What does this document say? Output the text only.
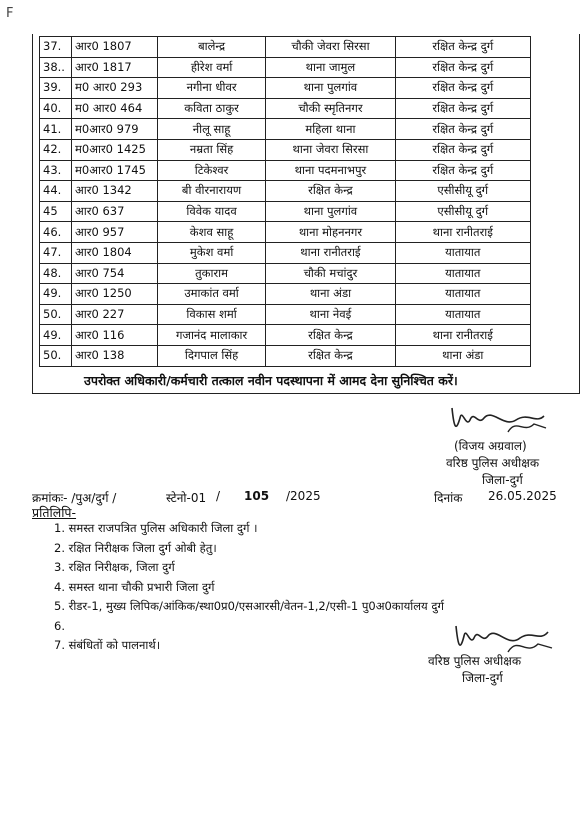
F
37.	आर0 1807	बालेन्द्र	चौकी जेवरा सिरसा	रक्षित केन्द्र दुर्ग
38..	आर0 1817	हीरेश वर्मा	थाना जामुल	रक्षित केन्द्र दुर्ग
39.	म0 आर0 293	नगीना धीवर	थाना पुलगांव	रक्षित केन्द्र दुर्ग
40.	म0 आर0 464	कविता ठाकुर	चौकी स्मृतिनगर	रक्षित केन्द्र दुर्ग
41.	म0आर0 979	नीलू साहू	महिला थाना	रक्षित केन्द्र दुर्ग
42.	म0आर0 1425	नम्रता सिंह	थाना जेवरा सिरसा	रक्षित केन्द्र दुर्ग
43.	म0आर0 1745	टिकेश्वर	थाना पदमनाभपुर	रक्षित केन्द्र दुर्ग
44.	आर0 1342	बी वीरनारायण	रक्षित केन्द्र	एसीसीयू दुर्ग
45	आर0 637	विवेक यादव	थाना पुलगांव	एसीसीयू दुर्ग
46.	आर0 957	केशव साहू	थाना मोहननगर	थाना रानीतराई
47.	आर0 1804	मुकेश वर्मा	थाना रानीतराई	यातायात
48.	आर0 754	तुकाराम	चौकी मचांदुर	यातायात
49.	आर0 1250	उमाकांत वर्मा	थाना अंडा	यातायात
50.	आर0 227	विकास शर्मा	थाना नेवई	यातायात
49.	आर0 116	गजानंद मालाकार	रक्षित केन्द्र	थाना रानीतराई
50.	आर0 138	दिगपाल सिंह	रक्षित केन्द्र	थाना अंडा
उपरोक्त अधिकारी/कर्मचारी तत्काल नवीन पदस्थापना में आमद देना सुनिश्चित करें।
(विजय अग्रवाल)
वरिष्ठ पुलिस अधीक्षक
जिला-दुर्ग
क्रमांकः- /पुअ/दुर्ग /	स्टेनो-01 / 105 /2025	दिनांक 26.05.2025
प्रतिलिपि-
1. समस्त राजपत्रित पुलिस अधिकारी जिला दुर्ग ।
2. रक्षित निरीक्षक जिला दुर्ग ओबी हेतु।
3. रक्षित निरीक्षक, जिला दुर्ग
4. समस्त थाना चौकी प्रभारी जिला दुर्ग
5. रीडर-1, मुख्य लिपिक/आंकिक/स्था0प्र0/एसआरसी/वेतन-1,2/एसी-1 पु0अ0कार्यालय दुर्ग
6.
7. संबंधितों को पालनार्थ।
वरिष्ठ पुलिस अधीक्षक
जिला-दुर्ग
